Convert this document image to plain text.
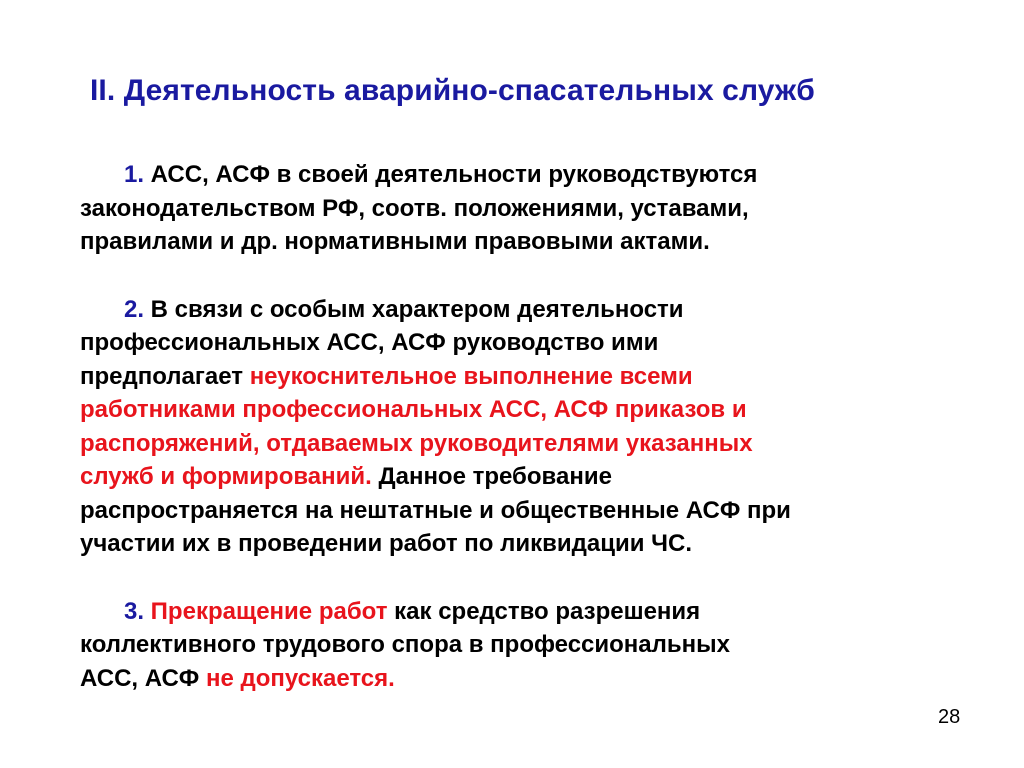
II. Деятельность аварийно-спасательных служб
1. АСС, АСФ в своей деятельности руководствуются
законодательством РФ, соотв. положениями, уставами,
правилами и др. нормативными правовыми актами.
2. В связи с особым характером деятельности
профессиональных АСС, АСФ руководство ими
предполагает неукоснительное выполнение всеми
работниками профессиональных АСС, АСФ приказов и
распоряжений, отдаваемых руководителями указанных
служб и формирований. Данное требование
распространяется на нештатные и общественные АСФ при
участии их в проведении работ по ликвидации ЧС.
3. Прекращение работ как средство разрешения
коллективного трудового спора в профессиональных
АСС, АСФ не допускается.
28
